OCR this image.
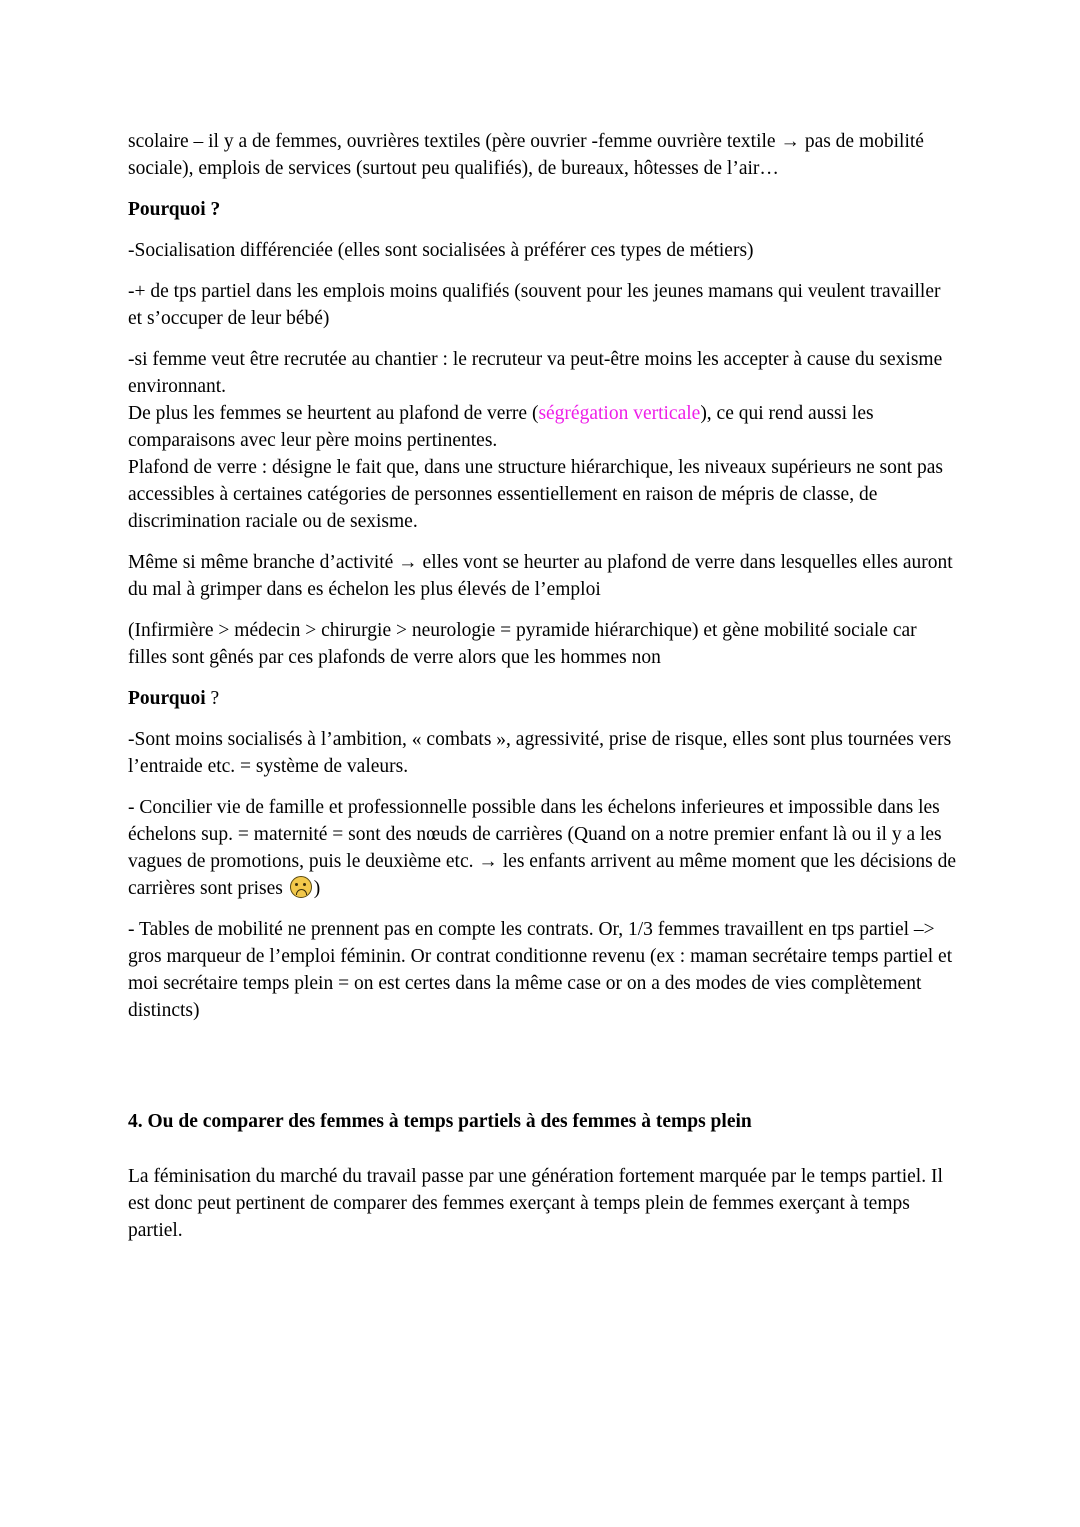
scolaire – il y a de femmes, ouvrières textiles (père ouvrier -femme ouvrière textile → pas de mobilité sociale), emplois de services (surtout peu qualifiés), de bureaux, hôtesses de l’air…

Pourquoi ?

-Socialisation différenciée (elles sont socialisées à préférer ces types de métiers)

-+ de tps partiel dans les emplois moins qualifiés (souvent pour les jeunes mamans qui veulent travailler et s’occuper de leur bébé)

-si femme veut être recrutée au chantier : le recruteur va peut-être moins les accepter à cause du sexisme environnant.
De plus les femmes se heurtent au plafond de verre (ségrégation verticale), ce qui rend aussi les comparaisons avec leur père moins pertinentes.
Plafond de verre : désigne le fait que, dans une structure hiérarchique, les niveaux supérieurs ne sont pas accessibles à certaines catégories de personnes essentiellement en raison de mépris de classe, de discrimination raciale ou de sexisme.

Même si même branche d’activité → elles vont se heurter au plafond de verre dans lesquelles elles auront du mal à grimper dans es échelon les plus élevés de l’emploi

(Infirmière > médecin > chirurgie > neurologie = pyramide hiérarchique) et gène mobilité sociale car filles sont gênés par ces plafonds de verre alors que les hommes non

Pourquoi ?

-Sont moins socialisés à l’ambition, « combats », agressivité, prise de risque, elles sont plus tournées vers l’entraide etc. = système de valeurs.

- Concilier vie de famille et professionnelle possible dans les échelons inferieures et impossible dans les échelons sup. = maternité = sont des nœuds de carrières (Quand on a notre premier enfant là ou il y a les vagues de promotions, puis le deuxième etc. → les enfants arrivent au même moment que les décisions de carrières sont prises )

- Tables de mobilité ne prennent pas en compte les contrats. Or, 1/3 femmes travaillent en tps partiel –> gros marqueur de l’emploi féminin. Or contrat conditionne revenu (ex : maman secrétaire temps partiel et moi secrétaire temps plein = on est certes dans la même case or on a des modes de vies complètement distincts)

4. Ou de comparer des femmes à temps partiels à des femmes à temps plein

La féminisation du marché du travail passe par une génération fortement marquée par le temps partiel. Il est donc peut pertinent de comparer des femmes exerçant à temps plein de femmes exerçant à temps partiel.
